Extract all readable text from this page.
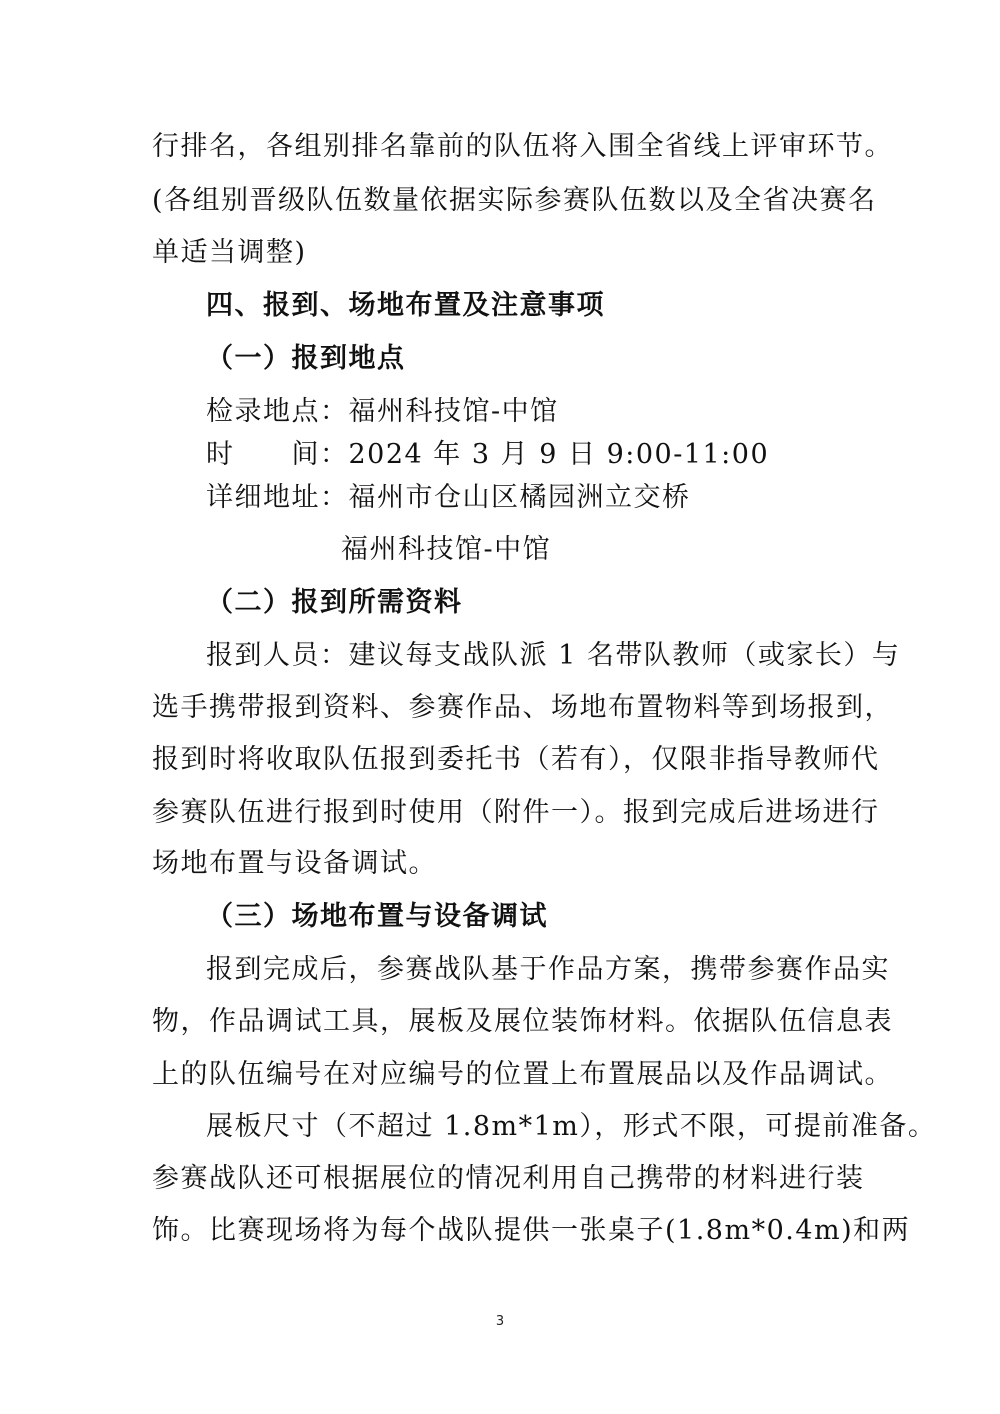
行排名，各组别排名靠前的队伍将入围全省线上评审环节。
(各组别晋级队伍数量依据实际参赛队伍数以及全省决赛名
单适当调整)
四、报到、场地布置及注意事项
（一）报到地点
检录地点：福州科技馆-中馆
时　　间：2024 年 3 月 9 日 9:00-11:00
详细地址：福州市仓山区橘园洲立交桥
福州科技馆-中馆
（二）报到所需资料
报到人员：建议每支战队派 1 名带队教师（或家长）与
选手携带报到资料、参赛作品、场地布置物料等到场报到，
报到时将收取队伍报到委托书（若有），仅限非指导教师代
参赛队伍进行报到时使用（附件一）。报到完成后进场进行
场地布置与设备调试。
（三）场地布置与设备调试
报到完成后，参赛战队基于作品方案，携带参赛作品实
物，作品调试工具，展板及展位装饰材料。依据队伍信息表
上的队伍编号在对应编号的位置上布置展品以及作品调试。
展板尺寸（不超过 1.8m*1m），形式不限，可提前准备。
参赛战队还可根据展位的情况利用自己携带的材料进行装
饰。比赛现场将为每个战队提供一张桌子(1.8m*0.4m)和两
3
